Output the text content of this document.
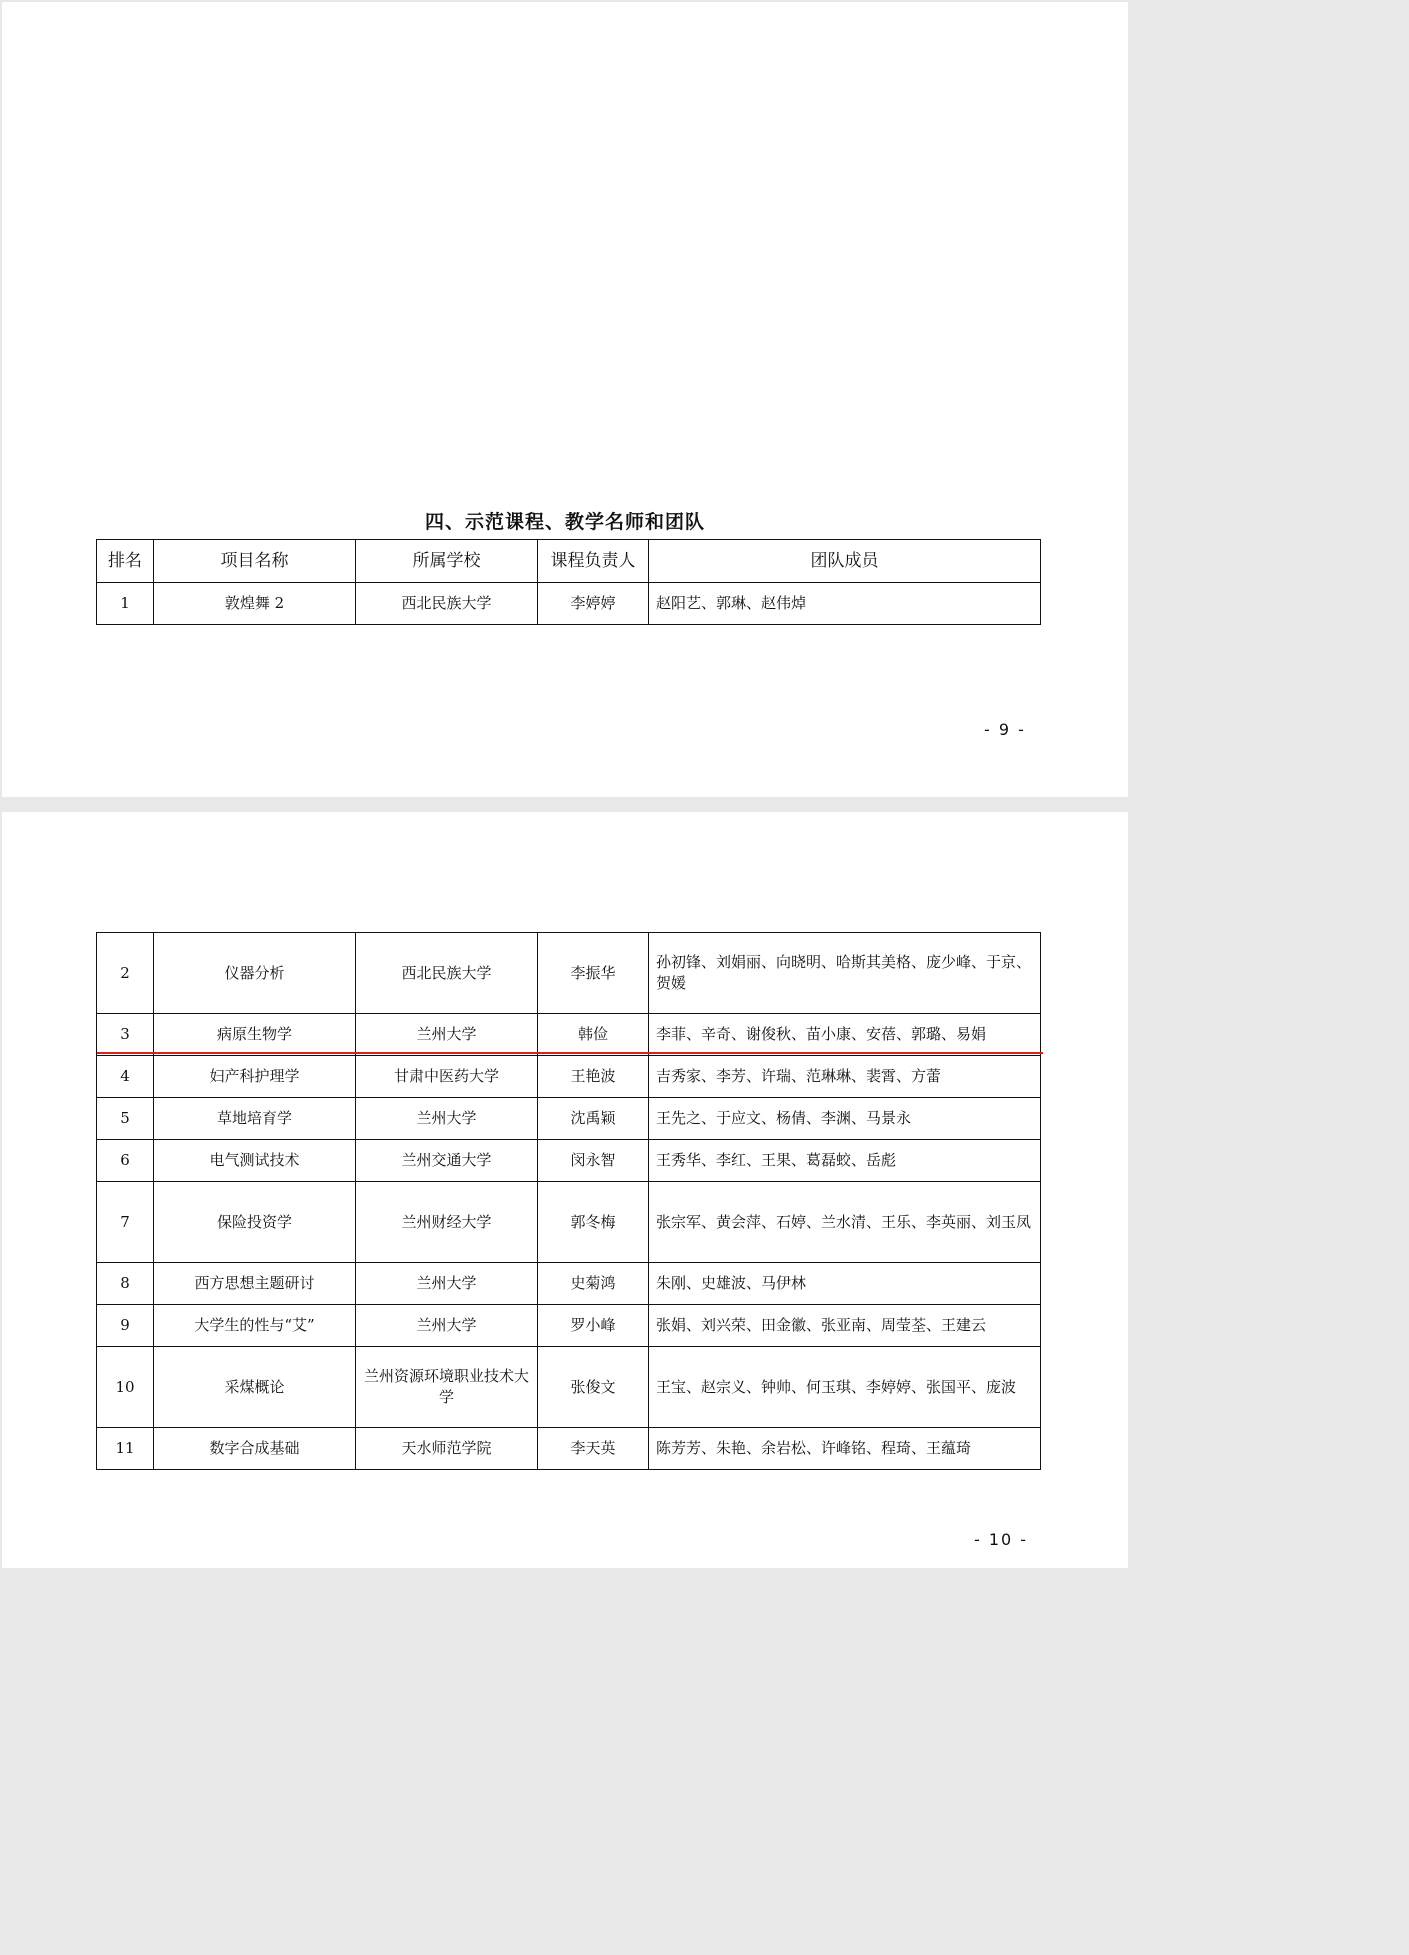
四、示范课程、教学名师和团队
排名	项目名称	所属学校	课程负责人	团队成员
1	敦煌舞 2	西北民族大学	李婷婷	赵阳艺、郭琳、赵伟焯
- 9 -
2	仪器分析	西北民族大学	李振华	孙初锋、刘娟丽、向晓明、哈斯其美格、庞少峰、于京、贺媛
3	病原生物学	兰州大学	韩俭	李菲、辛奇、谢俊秋、苗小康、安蓓、郭璐、易娟
4	妇产科护理学	甘肃中医药大学	王艳波	吉秀家、李芳、许瑞、范琳琳、裴霄、方蕾
5	草地培育学	兰州大学	沈禹颖	王先之、于应文、杨倩、李渊、马景永
6	电气测试技术	兰州交通大学	闵永智	王秀华、李红、王果、葛磊蛟、岳彪
7	保险投资学	兰州财经大学	郭冬梅	张宗军、黄会萍、石婷、兰水清、王乐、李英丽、刘玉凤
8	西方思想主题研讨	兰州大学	史菊鸿	朱刚、史雄波、马伊林
9	大学生的性与“艾”	兰州大学	罗小峰	张娟、刘兴荣、田金徽、张亚南、周莹荃、王建云
10	采煤概论	兰州资源环境职业技术大学	张俊文	王宝、赵宗义、钟帅、何玉琪、李婷婷、张国平、庞波
11	数字合成基础	天水师范学院	李天英	陈芳芳、朱艳、余岩松、许峰铭、程琦、王蕴琦
- 10 -
